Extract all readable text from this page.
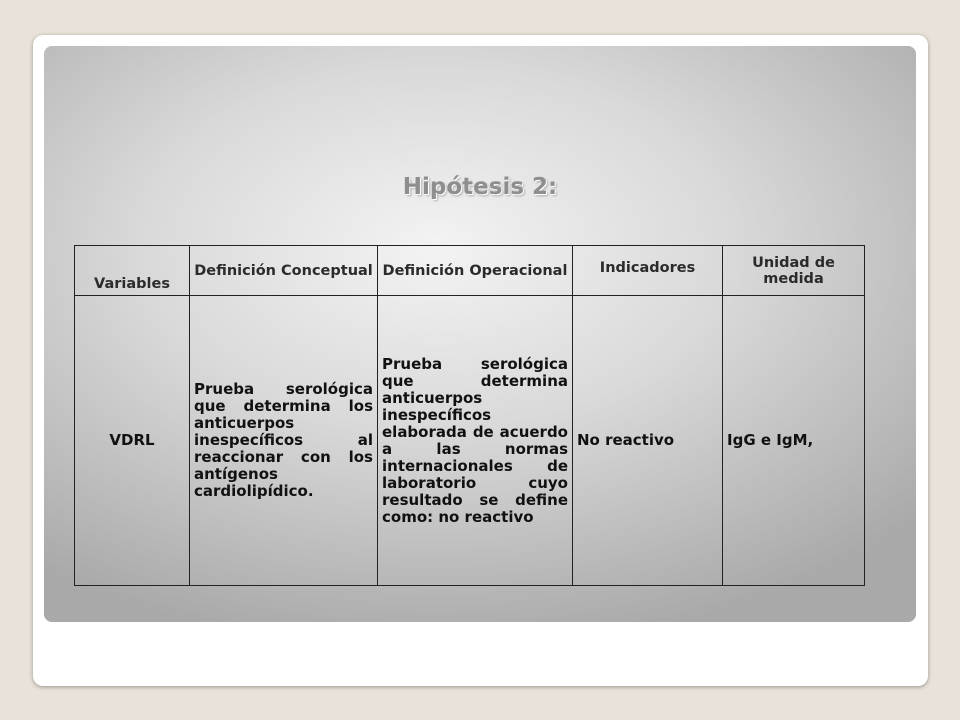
Hipótesis 2:
Variables	Definición Conceptual	Definición Operacional	Indicadores	Unidad de medida

VDRL	Prueba serológica que determina los anticuerpos inespecíficos al reaccionar con los antígenos cardiolipídico.	Prueba serológica que determina anticuerpos inespecíficos elaborada de acuerdo a las normas internacionales de laboratorio cuyo resultado se define como: no reactivo	No reactivo	IgG e IgM,
